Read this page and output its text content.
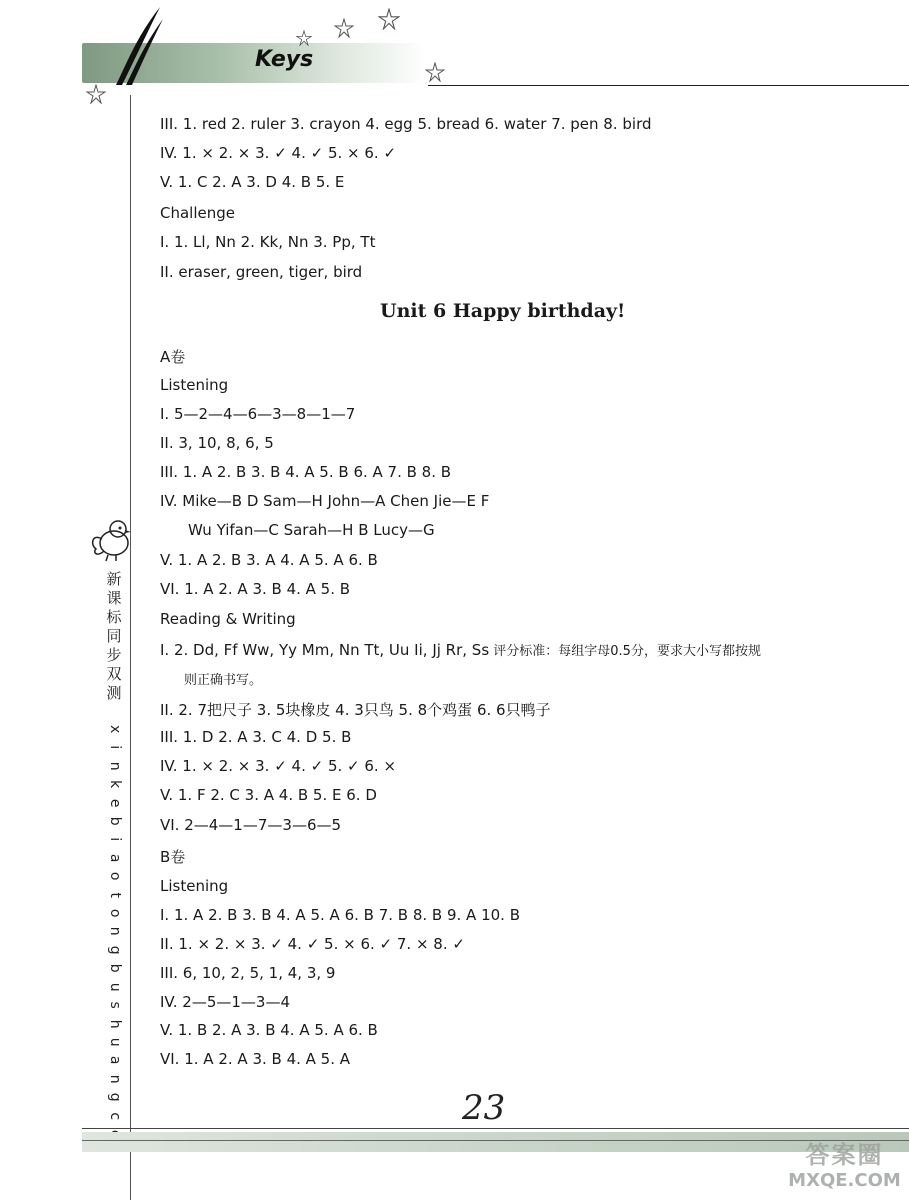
Keys
新
课
标
同
步
双
测
x
i
n
k
e
b
i
a
o
t
o
n
g
b
u
s
h
u
a
n
g
c
III. 1. red 2. ruler 3. crayon 4. egg 5. bread 6. water 7. pen 8. bird
IV. 1. × 2. × 3. ✓ 4. ✓ 5. × 6. ✓
V. 1. C 2. A 3. D 4. B 5. E
Challenge
I. 1. Ll, Nn 2. Kk, Nn 3. Pp, Tt
II. eraser, green, tiger, bird
Unit 6 Happy birthday!
A卷
Listening
I. 5—2—4—6—3—8—1—7
II. 3, 10, 8, 6, 5
III. 1. A 2. B 3. B 4. A 5. B 6. A 7. B 8. B
IV. Mike—B D Sam—H John—A Chen Jie—E F
Wu Yifan—C Sarah—H B Lucy—G
V. 1. A 2. B 3. A 4. A 5. A 6. B
VI. 1. A 2. A 3. B 4. A 5. B
Reading & Writing
I. 2. Dd, Ff Ww, Yy Mm, Nn Tt, Uu Ii, Jj Rr, Ss 评分标准：每组字母0.5分，要求大小写都按规
则正确书写。
II. 2. 7把尺子 3. 5块橡皮 4. 3只鸟 5. 8个鸡蛋 6. 6只鸭子
III. 1. D 2. A 3. C 4. D 5. B
IV. 1. × 2. × 3. ✓ 4. ✓ 5. ✓ 6. ×
V. 1. F 2. C 3. A 4. B 5. E 6. D
VI. 2—4—1—7—3—6—5
B卷
Listening
I. 1. A 2. B 3. B 4. A 5. A 6. B 7. B 8. B 9. A 10. B
II. 1. × 2. × 3. ✓ 4. ✓ 5. × 6. ✓ 7. × 8. ✓
III. 6, 10, 2, 5, 1, 4, 3, 9
IV. 2—5—1—3—4
V. 1. B 2. A 3. B 4. A 5. A 6. B
VI. 1. A 2. A 3. B 4. A 5. A
23
答案圈
MXQE.COM
